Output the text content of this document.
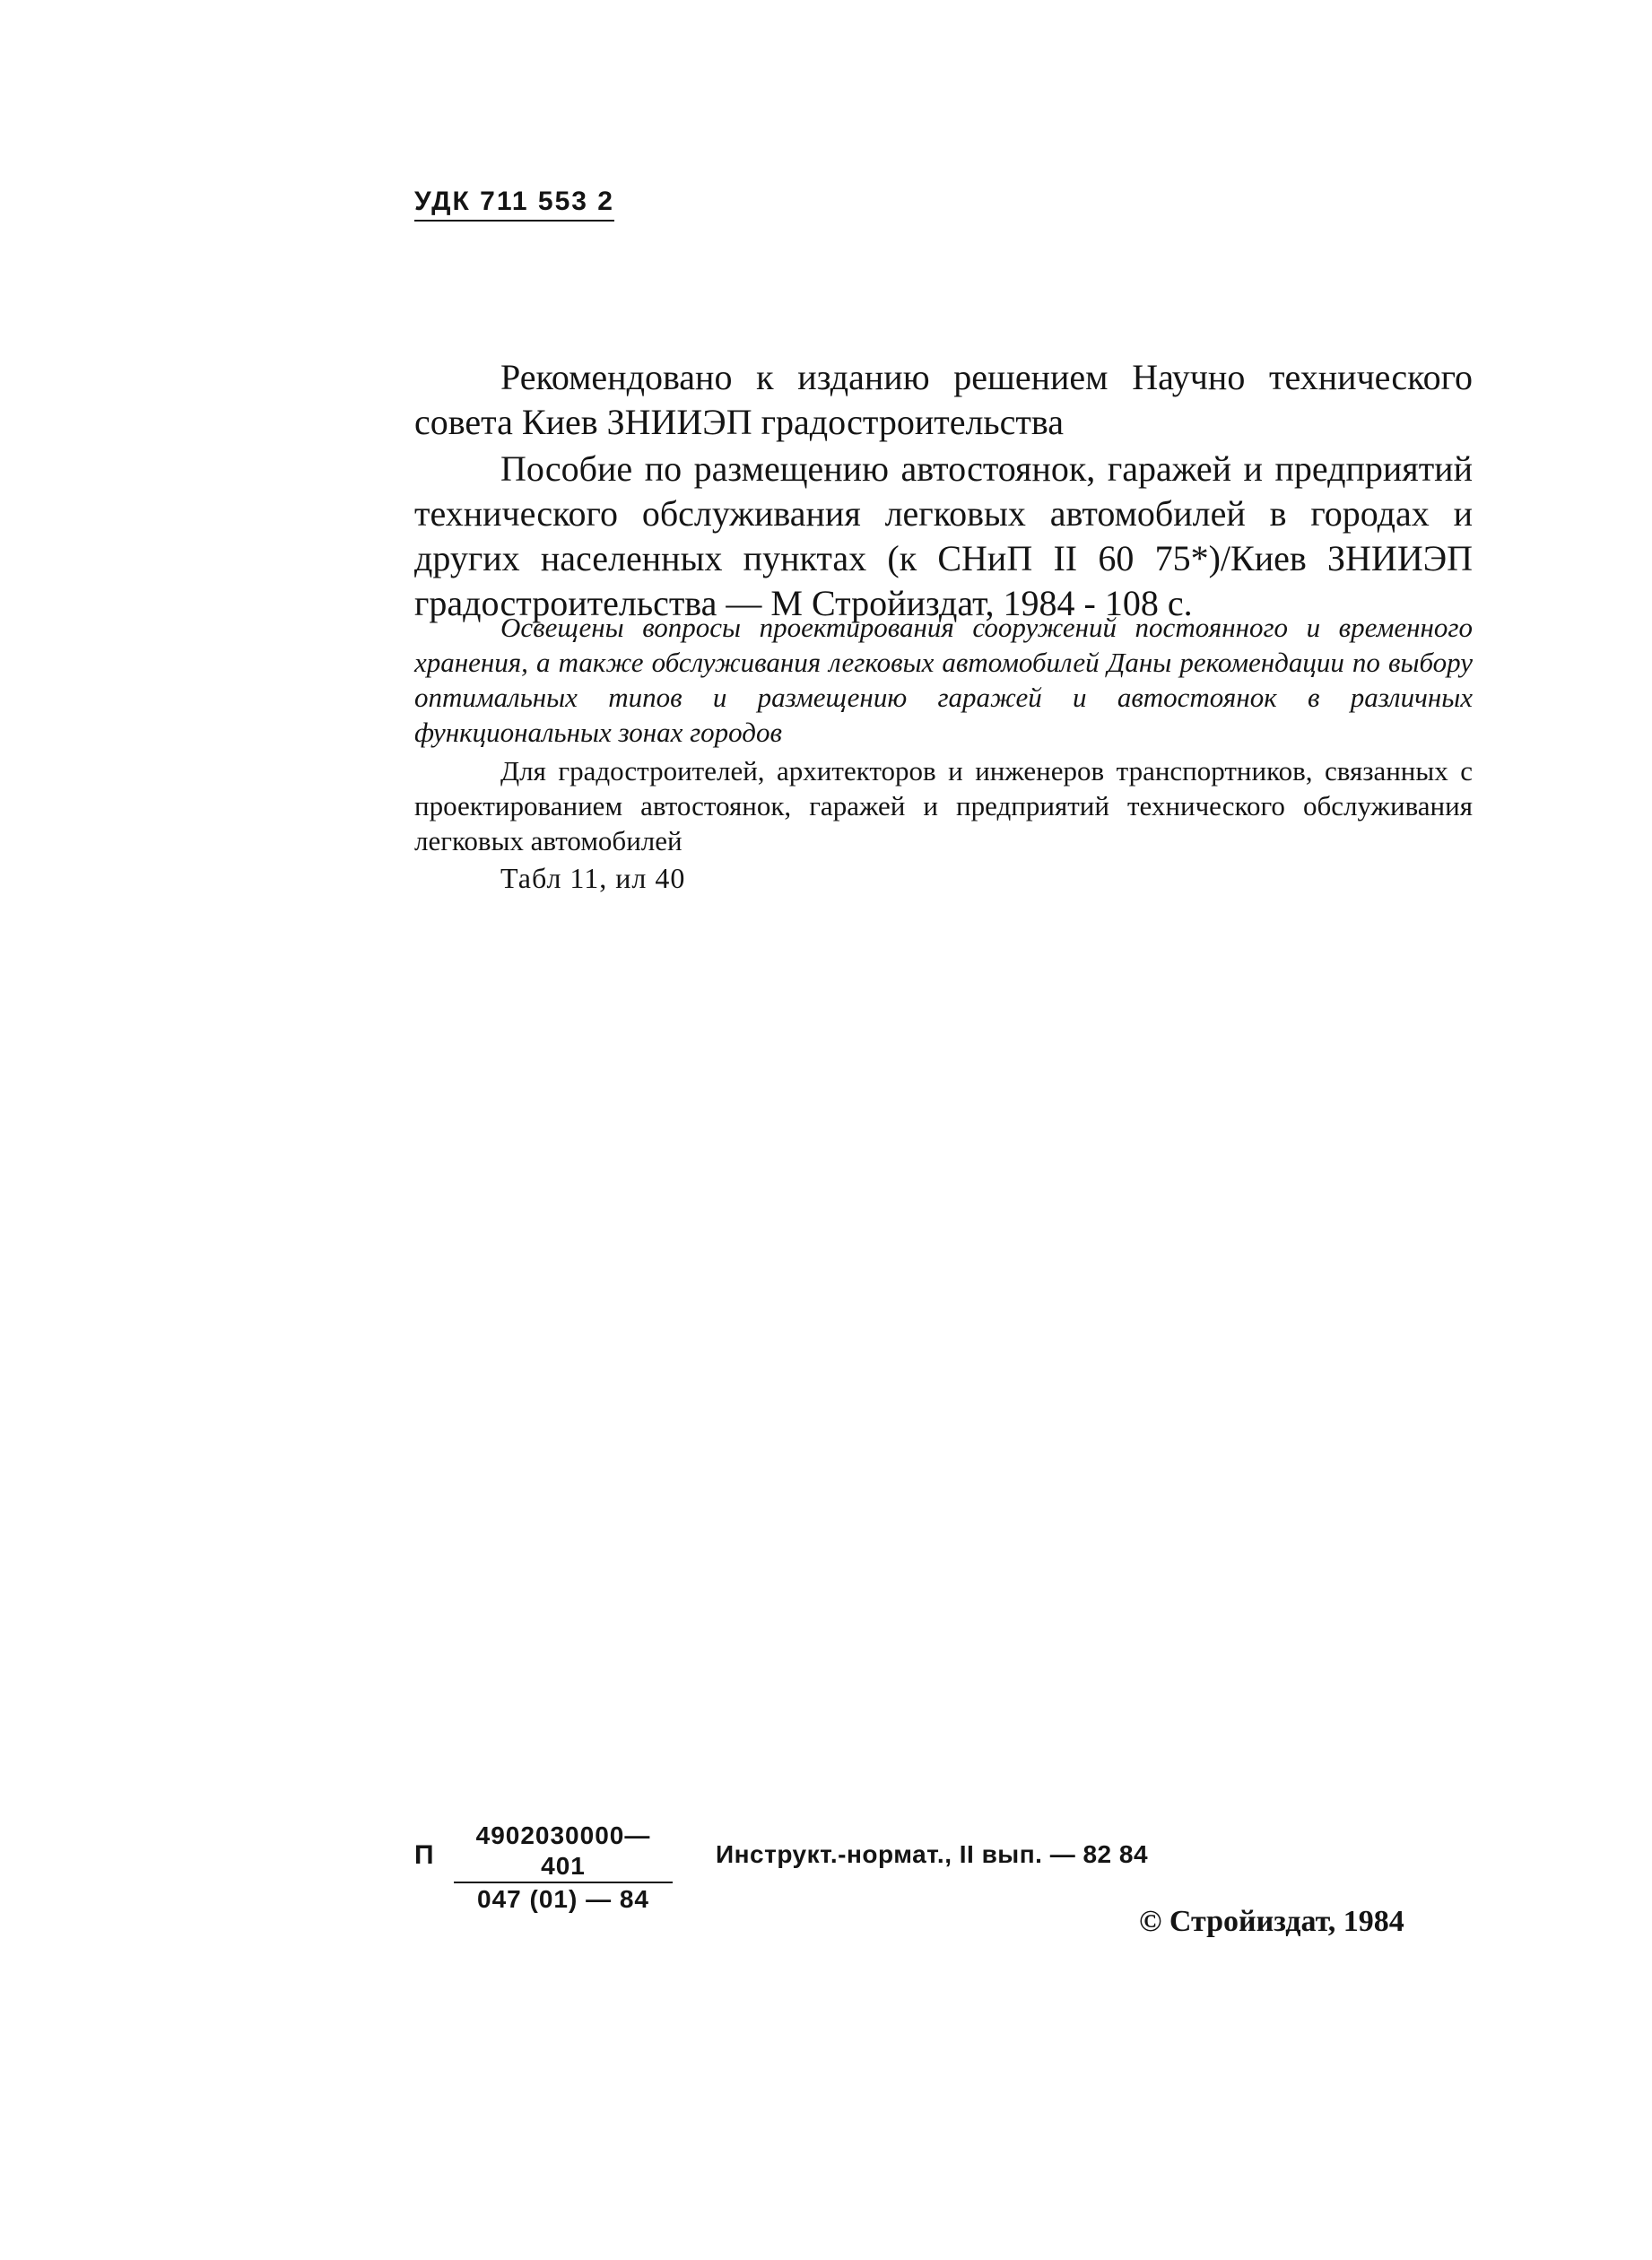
УДК 711 553 2

Рекомендовано к изданию решением Научно технического совета Киев ЗНИИЭП градостроительства

Пособие по размещению автостоянок, гаражей и предприятий технического обслуживания легковых автомобилей в городах и других населенных пунктах (к СНиП II 60 75*)/Киев ЗНИИЭП градостроительства — М Стройиздат, 1984 - 108 с.

Освещены вопросы проектирования сооружений постоянного и временного хранения, а также обслуживания легковых автомобилей Даны рекомендации по выбору оптимальных типов и размещению гаражей и автостоянок в различных функциональных зонах городов

Для градостроителей, архитекторов и инженеров транспортников, связанных с проектированием автостоянок, гаражей и предприятий технического обслуживания легковых автомобилей

Табл 11, ил 40

П $\frac{4902030000—401}{047 (01) — 84}$ Инструкт.-нормат., II вып. — 82 84
© Стройиздат, 1984
